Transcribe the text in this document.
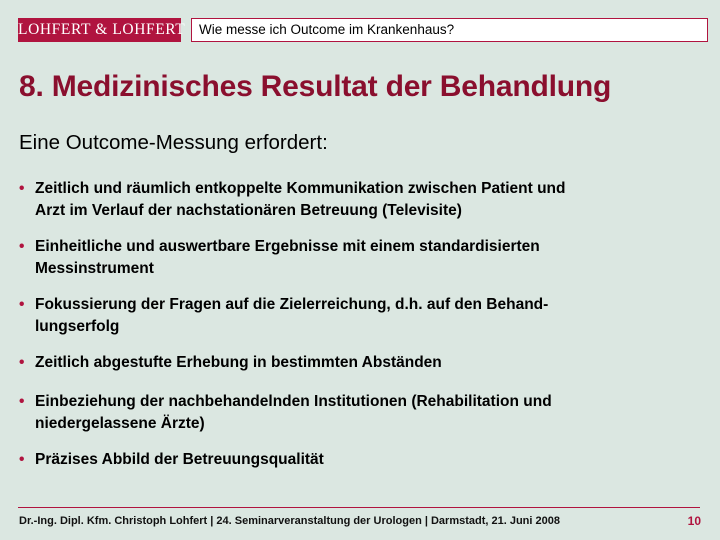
LOHFERT & LOHFERT	Wie messe ich Outcome im Krankenhaus?
8. Medizinisches Resultat der Behandlung
Eine Outcome-Messung erfordert:
• Zeitlich und räumlich entkoppelte Kommunikation zwischen Patient und
Arzt im Verlauf der nachstationären Betreuung (Televisite)
• Einheitliche und auswertbare Ergebnisse mit einem standardisierten
Messinstrument
• Fokussierung der Fragen auf die Zielerreichung, d.h. auf den Behand-
lungserfolg
• Zeitlich abgestufte Erhebung in bestimmten Abständen
• Einbeziehung der nachbehandelnden Institutionen (Rehabilitation und
niedergelassene Ärzte)
• Präzises Abbild der Betreuungsqualität
Dr.-Ing. Dipl. Kfm. Christoph Lohfert | 24. Seminarveranstaltung der Urologen | Darmstadt, 21. Juni 2008	10
